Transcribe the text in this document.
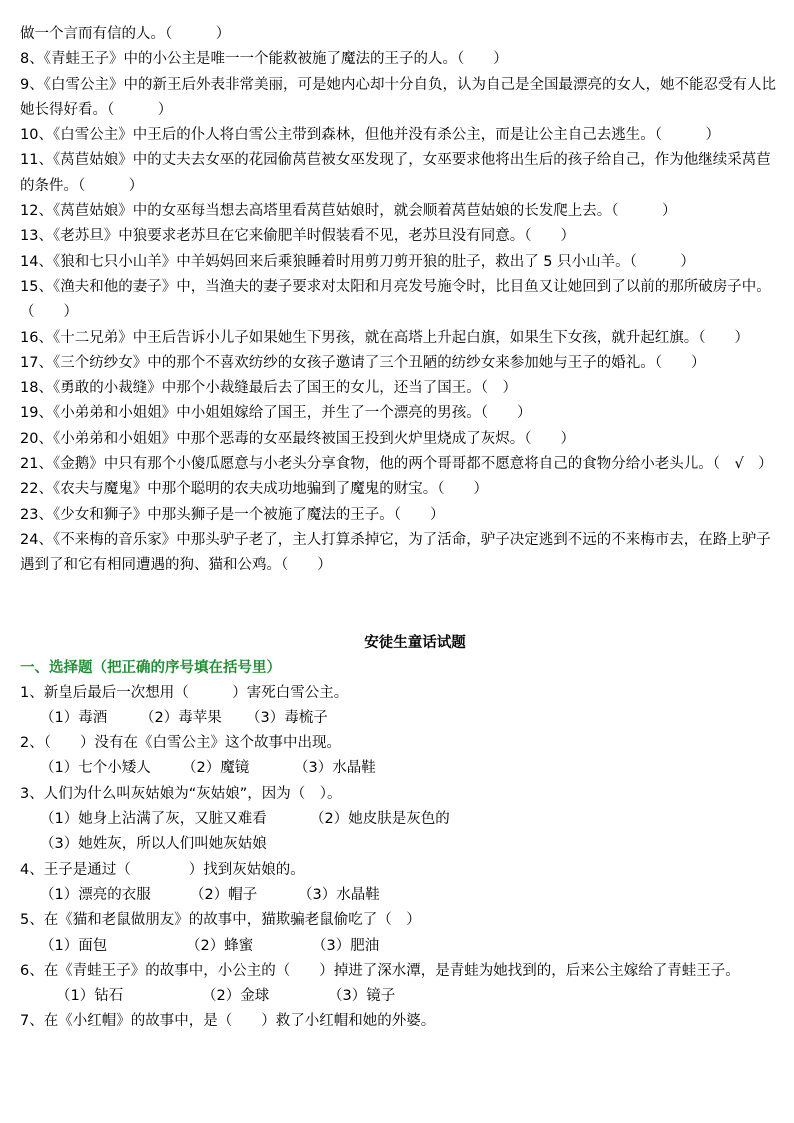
做一个言而有信的人。（　　　）
8、《青蛙王子》中的小公主是唯一一个能救被施了魔法的王子的人。（　　）
9、《白雪公主》中的新王后外表非常美丽，可是她内心却十分自负，认为自己是全国最漂亮的女人，她不能忍受有人比她长得好看。（　　　）
10、《白雪公主》中王后的仆人将白雪公主带到森林，但他并没有杀公主，而是让公主自己去逃生。（　　　）
11、《莴苣姑娘》中的丈夫去女巫的花园偷莴苣被女巫发现了，女巫要求他将出生后的孩子给自己，作为他继续采莴苣的条件。（　　　）
12、《莴苣姑娘》中的女巫每当想去高塔里看莴苣姑娘时，就会顺着莴苣姑娘的长发爬上去。（　　　）
13、《老苏旦》中狼要求老苏旦在它来偷肥羊时假装看不见，老苏旦没有同意。（　　）
14、《狼和七只小山羊》中羊妈妈回来后乘狼睡着时用剪刀剪开狼的肚子，救出了 5 只小山羊。（　　　）
15、《渔夫和他的妻子》中，当渔夫的妻子要求对太阳和月亮发号施令时，比目鱼又让她回到了以前的那所破房子中。（　　）
16、《十二兄弟》中王后告诉小儿子如果她生下男孩，就在高塔上升起白旗，如果生下女孩，就升起红旗。（　　）
17、《三个纺纱女》中的那个不喜欢纺纱的女孩子邀请了三个丑陋的纺纱女来参加她与王子的婚礼。（　　）
18、《勇敢的小裁缝》中那个小裁缝最后去了国王的女儿，还当了国王。（　）
19、《小弟弟和小姐姐》中小姐姐嫁给了国王，并生了一个漂亮的男孩。（　　）
20、《小弟弟和小姐姐》中那个恶毒的女巫最终被国王投到火炉里烧成了灰烬。（　　）
21、《金鹅》中只有那个小傻瓜愿意与小老头分享食物，他的两个哥哥都不愿意将自己的食物分给小老头儿。（　√　）
22、《农夫与魔鬼》中那个聪明的农夫成功地骗到了魔鬼的财宝。（　　）
23、《少女和狮子》中那头狮子是一个被施了魔法的王子。（　　）
24、《不来梅的音乐家》中那头驴子老了，主人打算杀掉它，为了活命，驴子决定逃到不远的不来梅市去，在路上驴子遇到了和它有相同遭遇的狗、猫和公鸡。（　　）
安徒生童话试题
一、选择题（把正确的序号填在括号里）
1、新皇后最后一次想用（　　　）害死白雪公主。
（1）毒酒 （2）毒苹果 （3）毒梳子
2、（　　）没有在《白雪公主》这个故事中出现。
（1）七个小矮人 （2）魔镜	（3）水晶鞋
3、人们为什么叫灰姑娘为“灰姑娘”，因为（　）。
（1）她身上沾满了灰，又脏又难看	（2）她皮肤是灰色的
（3）她姓灰，所以人们叫她灰姑娘
4、王子是通过（　　　　）找到灰姑娘的。
（1）漂亮的衣服	（2）帽子	（3）水晶鞋
5、在《猫和老鼠做朋友》的故事中，猫欺骗老鼠偷吃了（　）
（1）面包	（2）蜂蜜	（3）肥油
6、在《青蛙王子》的故事中，小公主的（　　）掉进了深水潭，是青蛙为她找到的，后来公主嫁给了青蛙王子。
（1）钻石	（2）金球	（3）镜子
7、在《小红帽》的故事中，是（　　）救了小红帽和她的外婆。
